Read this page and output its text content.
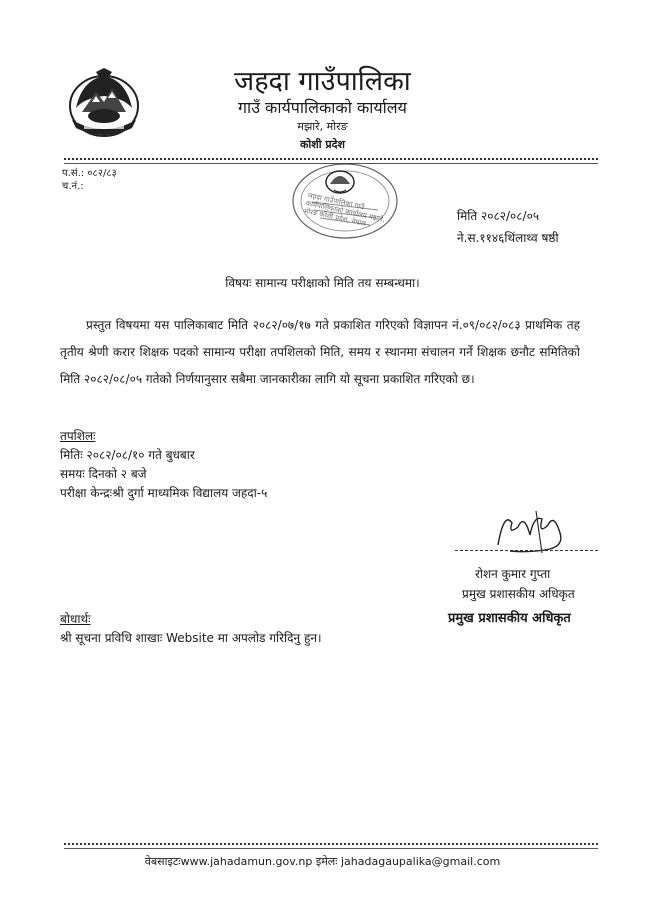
जहदा गाउँपालिका
गाउँ कार्यपालिकाको कार्यालय
मझारे, मोरङ
कोशी प्रदेश
प.सं.: ०८२/८३
च.नं.:
जहदा गाउँपालिका गाउँ कार्यपालिकाको कार्यालय मझारे, मोरङ कोशी प्रदेश, नेपाल	मिति २०८२/०८/०५
ने.स.११४६थिंलाथ्व षष्ठी
विषयः सामान्य परीक्षाको मिति तय सम्बन्धमा।

प्रस्तुत विषयमा यस पालिकाबाट मिति २०८२/०७/१७ गते प्रकाशित गरिएको विज्ञापन नं.०९/०८२/०८३ प्राथमिक तह तृतीय श्रेणी करार शिक्षक पदको सामान्य परीक्षा तपशिलको मिति, समय र स्थानमा संचालन गर्ने शिक्षक छनौट समितिको मिति २०८२/०८/०५ गतेको निर्णयानुसार सबैमा जानकारीका लागि यो सूचना प्रकाशित गरिएको छ।

तपशिलः
मितिः २०८२/०८/१० गते बुधबार
समयः दिनको २ बजे
परीक्षा केन्द्रःश्री दुर्गा माध्यमिक विद्यालय जहदा-५
रोशन कुमार गुप्ता
प्रमुख प्रशासकीय अधिकृत
प्रमुख प्रशासकीय अधिकृत
बोधार्थः
श्री सूचना प्रविधि शाखाः Website मा अपलोड गरिदिनु हुन।
वेबसाइटःwww.jahadamun.gov.np इमेलः jahadagaupalika@gmail.com
